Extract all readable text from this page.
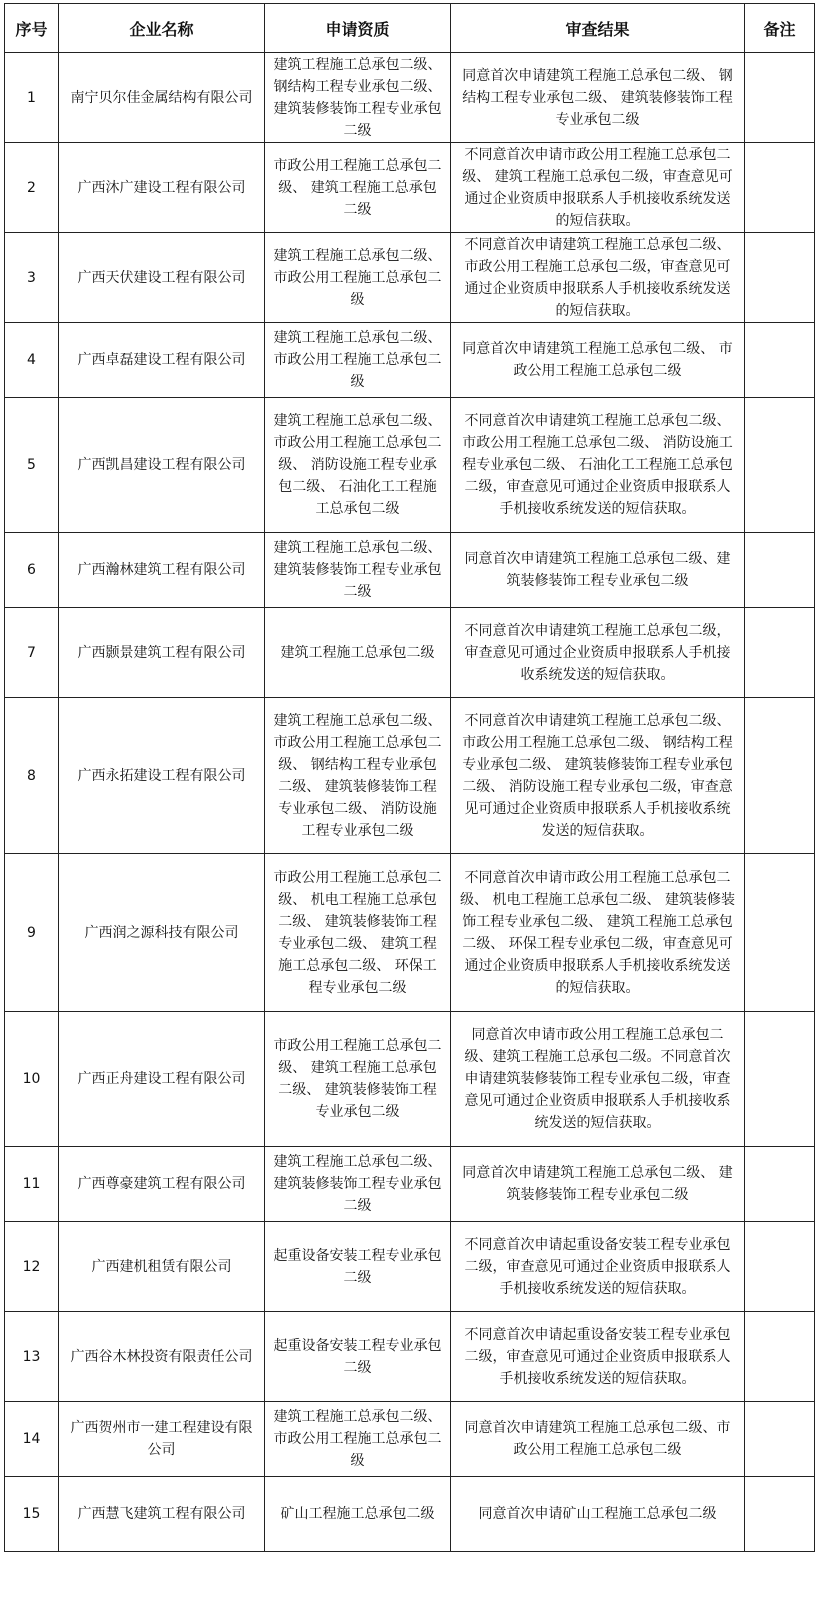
序号	企业名称	申请资质	审查结果	备注
1	南宁贝尔佳金属结构有限公司	建筑工程施工总承包二级、钢结构工程专业承包二级、建筑装修装饰工程专业承包二级	同意首次申请建筑工程施工总承包二级、 钢结构工程专业承包二级、 建筑装修装饰工程专业承包二级	
2	广西沐广建设工程有限公司	市政公用工程施工总承包二级、 建筑工程施工总承包二级	不同意首次申请市政公用工程施工总承包二级、 建筑工程施工总承包二级，审查意见可通过企业资质申报联系人手机接收系统发送的短信获取。	
3	广西天伏建设工程有限公司	建筑工程施工总承包二级、 市政公用工程施工总承包二级	不同意首次申请建筑工程施工总承包二级、 市政公用工程施工总承包二级，审查意见可通过企业资质申报联系人手机接收系统发送的短信获取。	
4	广西卓磊建设工程有限公司	建筑工程施工总承包二级、 市政公用工程施工总承包二级	同意首次申请建筑工程施工总承包二级、 市政公用工程施工总承包二级	
5	广西凯昌建设工程有限公司	建筑工程施工总承包二级、 市政公用工程施工总承包二级、 消防设施工程专业承包二级、 石油化工工程施工总承包二级	不同意首次申请建筑工程施工总承包二级、 市政公用工程施工总承包二级、 消防设施工程专业承包二级、 石油化工工程施工总承包二级，审查意见可通过企业资质申报联系人手机接收系统发送的短信获取。	
6	广西瀚林建筑工程有限公司	建筑工程施工总承包二级、建筑装修装饰工程专业承包二级	同意首次申请建筑工程施工总承包二级、建筑装修装饰工程专业承包二级	
7	广西颢景建筑工程有限公司	建筑工程施工总承包二级	不同意首次申请建筑工程施工总承包二级，审查意见可通过企业资质申报联系人手机接收系统发送的短信获取。	
8	广西永拓建设工程有限公司	建筑工程施工总承包二级、 市政公用工程施工总承包二级、 钢结构工程专业承包二级、 建筑装修装饰工程专业承包二级、 消防设施工程专业承包二级	不同意首次申请建筑工程施工总承包二级、市政公用工程施工总承包二级、 钢结构工程专业承包二级、 建筑装修装饰工程专业承包二级、 消防设施工程专业承包二级，审查意见可通过企业资质申报联系人手机接收系统发送的短信获取。	
9	广西润之源科技有限公司	市政公用工程施工总承包二级、 机电工程施工总承包二级、 建筑装修装饰工程专业承包二级、 建筑工程施工总承包二级、 环保工程专业承包二级	不同意首次申请市政公用工程施工总承包二级、 机电工程施工总承包二级、 建筑装修装饰工程专业承包二级、 建筑工程施工总承包二级、 环保工程专业承包二级，审查意见可通过企业资质申报联系人手机接收系统发送的短信获取。	
10	广西正舟建设工程有限公司	市政公用工程施工总承包二级、 建筑工程施工总承包二级、 建筑装修装饰工程专业承包二级	同意首次申请市政公用工程施工总承包二级、建筑工程施工总承包二级。不同意首次申请建筑装修装饰工程专业承包二级，审查意见可通过企业资质申报联系人手机接收系统发送的短信获取。	
11	广西尊豪建筑工程有限公司	建筑工程施工总承包二级、 建筑装修装饰工程专业承包二级	同意首次申请建筑工程施工总承包二级、 建筑装修装饰工程专业承包二级	
12	广西建机租赁有限公司	起重设备安装工程专业承包二级	不同意首次申请起重设备安装工程专业承包二级，审查意见可通过企业资质申报联系人手机接收系统发送的短信获取。	
13	广西谷木林投资有限责任公司	起重设备安装工程专业承包二级	不同意首次申请起重设备安装工程专业承包二级，审查意见可通过企业资质申报联系人手机接收系统发送的短信获取。	
14	广西贺州市一建工程建设有限公司	建筑工程施工总承包二级、市政公用工程施工总承包二级	同意首次申请建筑工程施工总承包二级、市政公用工程施工总承包二级	
15	广西慧飞建筑工程有限公司	矿山工程施工总承包二级	同意首次申请矿山工程施工总承包二级	
